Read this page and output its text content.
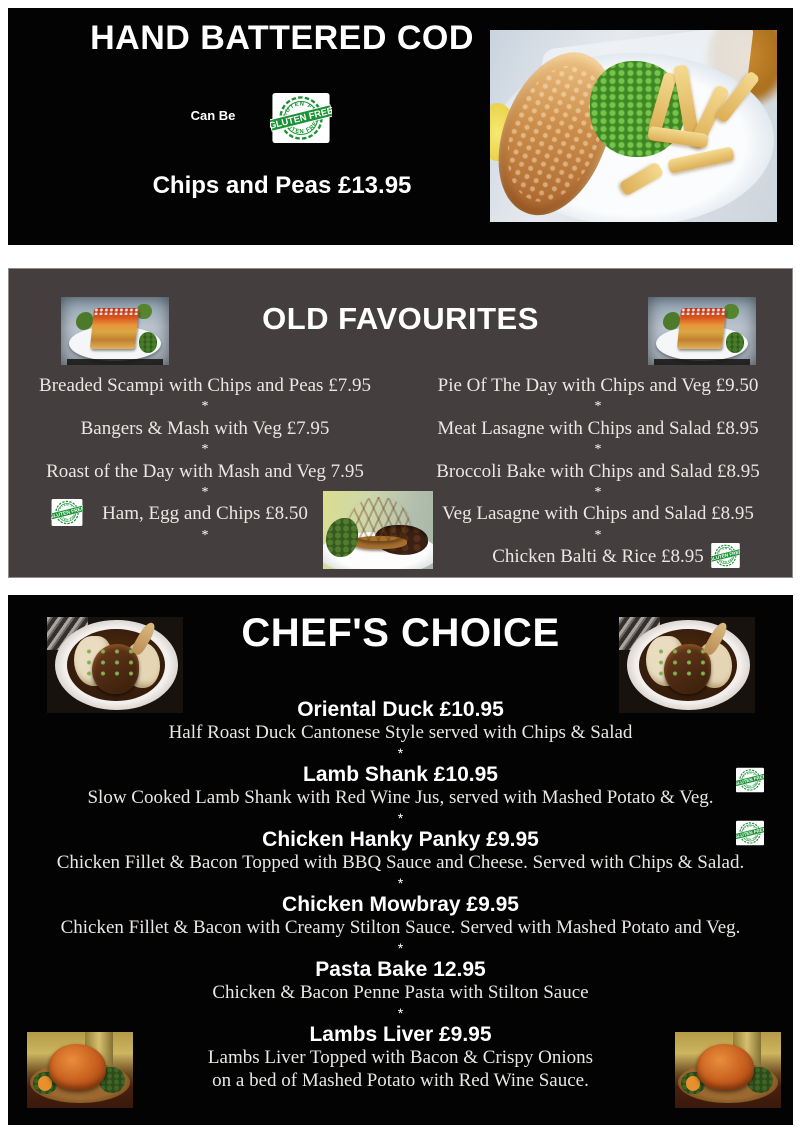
HAND BATTERED COD
Can Be
Chips and Peas £13.95
OLD FAVOURITES
Breaded Scampi with Chips and Peas £7.95
*
Bangers & Mash with Veg £7.95
*
Roast of the Day with Mash and Veg 7.95
*
Ham, Egg and Chips £8.50
*
Pie Of The Day with Chips and Veg £9.50
*
Meat Lasagne with Chips and Salad £8.95
*
Broccoli Bake with Chips and Salad £8.95
*
Veg Lasagne with Chips and Salad £8.95
*
Chicken Balti & Rice £8.95
CHEF'S CHOICE
Oriental Duck £10.95
Half Roast Duck Cantonese Style served with Chips & Salad
*
Lamb Shank £10.95
Slow Cooked Lamb Shank with Red Wine Jus, served with Mashed Potato & Veg.
*
Chicken Hanky Panky £9.95
Chicken Fillet & Bacon Topped with BBQ Sauce and Cheese. Served with Chips & Salad.
*
Chicken Mowbray £9.95
Chicken Fillet & Bacon with Creamy Stilton Sauce. Served with Mashed Potato and Veg.
*
Pasta Bake 12.95
Chicken & Bacon Penne Pasta with Stilton Sauce
*
Lambs Liver £9.95
Lambs Liver Topped with Bacon & Crispy Onions
on a bed of Mashed Potato with Red Wine Sauce.
